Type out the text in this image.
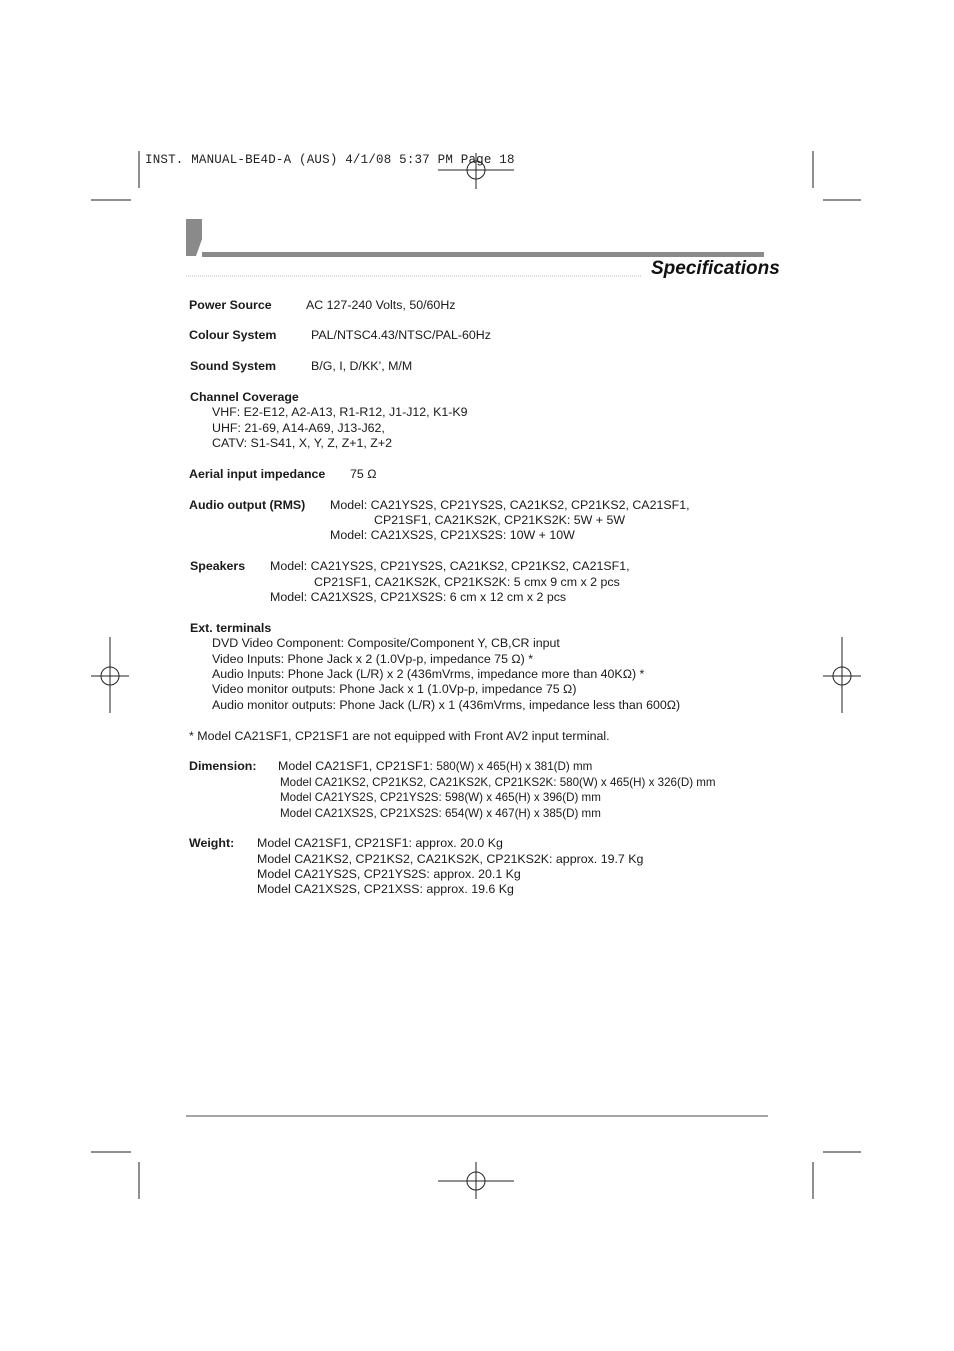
INST. MANUAL-BE4D-A (AUS) 4/1/08 5:37 PM Page 18
Specifications
Power Source	AC 127-240 Volts, 50/60Hz
Colour System	PAL/NTSC4.43/NTSC/PAL-60Hz
Sound System	B/G, I, D/KK’, M/M
Channel Coverage
VHF: E2-E12, A2-A13, R1-R12, J1-J12, K1-K9
UHF: 21-69, A14-A69, J13-J62,
CATV: S1-S41, X, Y, Z, Z+1, Z+2
Aerial input impedance 75 Ω
Audio output (RMS) Model: CA21YS2S, CP21YS2S, CA21KS2, CP21KS2, CA21SF1,
CP21SF1, CA21KS2K, CP21KS2K: 5W + 5W
Model: CA21XS2S, CP21XS2S: 10W + 10W
Speakers Model: CA21YS2S, CP21YS2S, CA21KS2, CP21KS2, CA21SF1,
CP21SF1, CA21KS2K, CP21KS2K: 5 cmx 9 cm x 2 pcs
Model: CA21XS2S, CP21XS2S: 6 cm x 12 cm x 2 pcs
Ext. terminals
DVD Video Component: Composite/Component Y, CB,CR input
Video Inputs: Phone Jack x 2 (1.0Vp-p, impedance 75 Ω) *
Audio Inputs: Phone Jack (L/R) x 2 (436mVrms, impedance more than 40KΩ) *
Video monitor outputs: Phone Jack x 1 (1.0Vp-p, impedance 75 Ω)
Audio monitor outputs: Phone Jack (L/R) x 1 (436mVrms, impedance less than 600Ω)
* Model CA21SF1, CP21SF1 are not equipped with Front AV2 input terminal.
Dimension: Model CA21SF1, CP21SF1: 580(W) x 465(H) x 381(D) mm
Model CA21KS2, CP21KS2, CA21KS2K, CP21KS2K: 580(W) x 465(H) x 326(D) mm
Model CA21YS2S, CP21YS2S: 598(W) x 465(H) x 396(D) mm
Model CA21XS2S, CP21XS2S: 654(W) x 467(H) x 385(D) mm
Weight: Model CA21SF1, CP21SF1: approx. 20.0 Kg
Model CA21KS2, CP21KS2, CA21KS2K, CP21KS2K: approx. 19.7 Kg
Model CA21YS2S, CP21YS2S: approx. 20.1 Kg
Model CA21XS2S, CP21XSS: approx. 19.6 Kg
